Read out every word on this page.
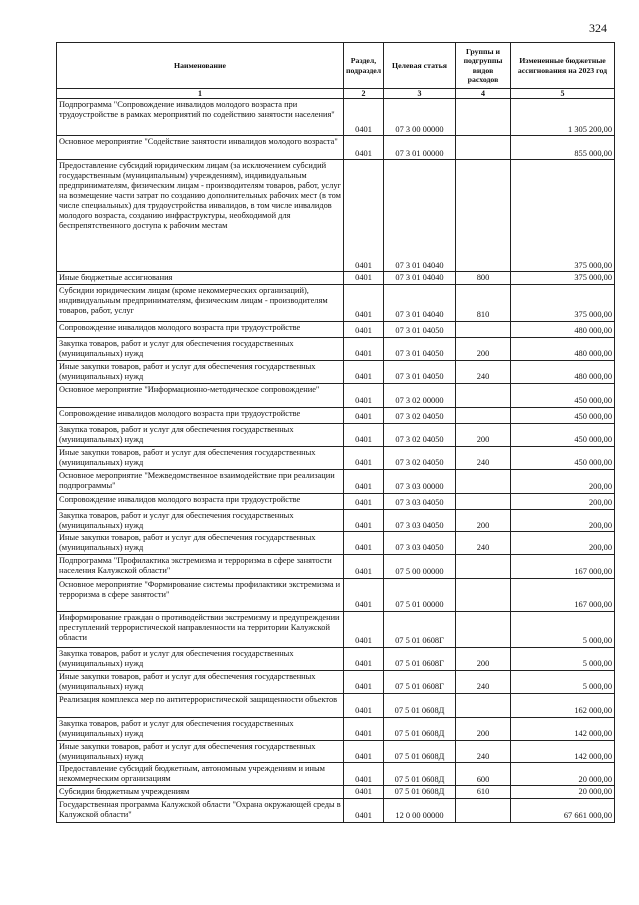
324
Наименование	Раздел, подраздел	Целевая статья	Группы и подгруппы видов расходов	Измененные бюджетные ассигнования на 2023 год
1	2	3	4	5
Подпрограмма "Сопровождение инвалидов молодого возраста при трудоустройстве в рамках мероприятий по содействию занятости населения"	0401	07 3 00 00000		1 305 200,00
Основное мероприятие "Содействие занятости инвалидов молодого возраста"	0401	07 3 01 00000		855 000,00
Предоставление субсидий юридическим лицам (за исключением субсидий государственным (муниципальным) учреждениям), индивидуальным предпринимателям, физическим лицам - производителям товаров, работ, услуг на возмещение части затрат по созданию дополнительных рабочих мест (в том числе специальных) для трудоустройства инвалидов, в том числе инвалидов молодого возраста, созданию инфраструктуры, необходимой для беспрепятственного доступа к рабочим местам	0401	07 3 01 04040		375 000,00
Иные бюджетные ассигнования	0401	07 3 01 04040	800	375 000,00
Субсидии юридическим лицам (кроме некоммерческих организаций), индивидуальным предпринимателям, физическим лицам - производителям товаров, работ, услуг	0401	07 3 01 04040	810	375 000,00
Сопровождение инвалидов молодого возраста при трудоустройстве	0401	07 3 01 04050		480 000,00
Закупка товаров, работ и услуг для обеспечения государственных (муниципальных) нужд	0401	07 3 01 04050	200	480 000,00
Иные закупки товаров, работ и услуг для обеспечения государственных (муниципальных) нужд	0401	07 3 01 04050	240	480 000,00
Основное мероприятие "Информационно-методическое сопровождение"	0401	07 3 02 00000		450 000,00
Сопровождение инвалидов молодого возраста при трудоустройстве	0401	07 3 02 04050		450 000,00
Закупка товаров, работ и услуг для обеспечения государственных (муниципальных) нужд	0401	07 3 02 04050	200	450 000,00
Иные закупки товаров, работ и услуг для обеспечения государственных (муниципальных) нужд	0401	07 3 02 04050	240	450 000,00
Основное мероприятие "Межведомственное взаимодействие при реализации подпрограммы"	0401	07 3 03 00000		200,00
Сопровождение инвалидов молодого возраста при трудоустройстве	0401	07 3 03 04050		200,00
Закупка товаров, работ и услуг для обеспечения государственных (муниципальных) нужд	0401	07 3 03 04050	200	200,00
Иные закупки товаров, работ и услуг для обеспечения государственных (муниципальных) нужд	0401	07 3 03 04050	240	200,00
Подпрограмма "Профилактика экстремизма и терроризма в сфере занятости населения Калужской области"	0401	07 5 00 00000		167 000,00
Основное мероприятие "Формирование системы профилактики экстремизма и терроризма в сфере занятости"	0401	07 5 01 00000		167 000,00
Информирование граждан о противодействии экстремизму и предупреждении преступлений террористической направленности на территории Калужской области	0401	07 5 01 0608Г		5 000,00
Закупка товаров, работ и услуг для обеспечения государственных (муниципальных) нужд	0401	07 5 01 0608Г	200	5 000,00
Иные закупки товаров, работ и услуг для обеспечения государственных (муниципальных) нужд	0401	07 5 01 0608Г	240	5 000,00
Реализация комплекса мер по антитеррористической защищенности объектов	0401	07 5 01 0608Д		162 000,00
Закупка товаров, работ и услуг для обеспечения государственных (муниципальных) нужд	0401	07 5 01 0608Д	200	142 000,00
Иные закупки товаров, работ и услуг для обеспечения государственных (муниципальных) нужд	0401	07 5 01 0608Д	240	142 000,00
Предоставление субсидий бюджетным, автономным учреждениям и иным некоммерческим организациям	0401	07 5 01 0608Д	600	20 000,00
Субсидии бюджетным учреждениям	0401	07 5 01 0608Д	610	20 000,00
Государственная программа Калужской области "Охрана окружающей среды в Калужской области"	0401	12 0 00 00000		67 661 000,00
